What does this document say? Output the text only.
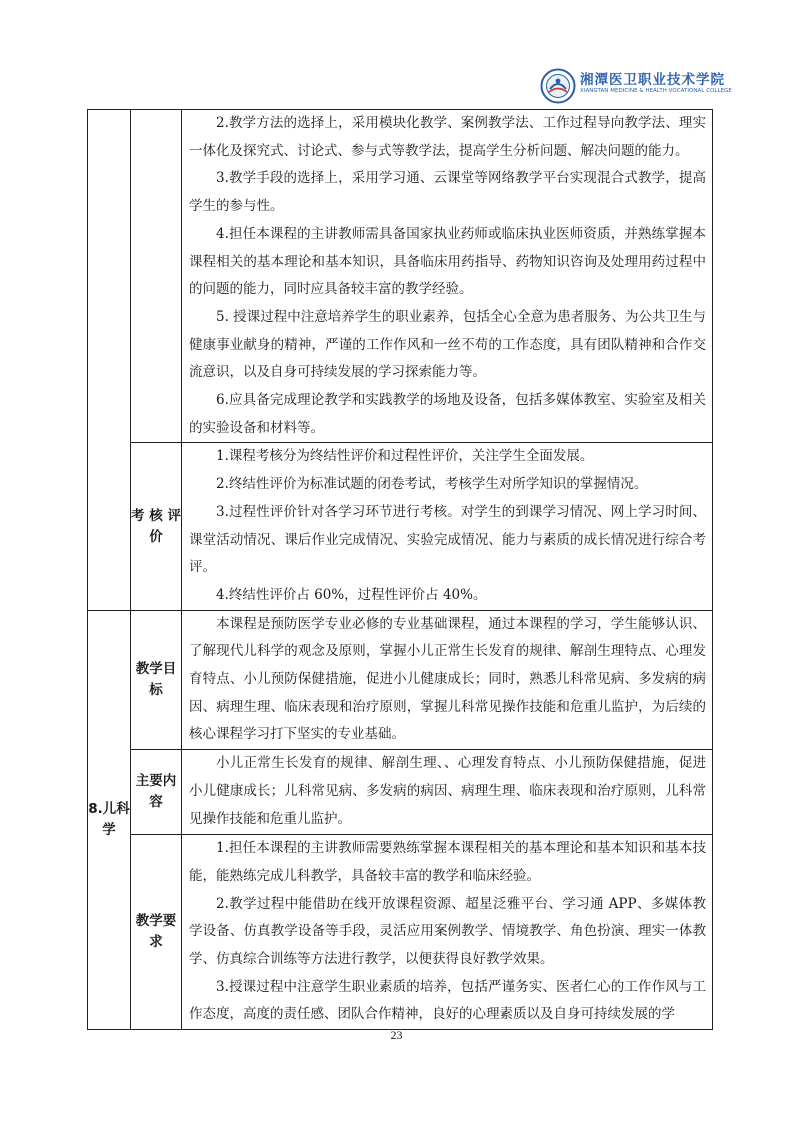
湘潭医卫职业技术学院
XIANGTAN MEDICINE & HEALTH VOCATIONAL COLLEGE

		2.教学方法的选择上，采用模块化教学、案例教学法、工作过程导向教学法、理实一体化及探究式、讨论式、参与式等教学法，提高学生分析问题、解决问题的能力。

3.教学手段的选择上，采用学习通、云课堂等网络教学平台实现混合式教学，提高学生的参与性。

4.担任本课程的主讲教师需具备国家执业药师或临床执业医师资质，并熟练掌握本课程相关的基本理论和基本知识，具备临床用药指导、药物知识咨询及处理用药过程中的问题的能力，同时应具备较丰富的教学经验。

5. 授课过程中注意培养学生的职业素养，包括全心全意为患者服务、为公共卫生与健康事业献身的精神，严谨的工作作风和一丝不苟的工作态度，具有团队精神和合作交流意识，以及自身可持续发展的学习探索能力等。

6.应具备完成理论教学和实践教学的场地及设备，包括多媒体教室、实验室及相关的实验设备和材料等。

	考 核 评价	1.课程考核分为终结性评价和过程性评价，关注学生全面发展。

2.终结性评价为标准试题的闭卷考试，考核学生对所学知识的掌握情况。

3.过程性评价针对各学习环节进行考核。对学生的到课学习情况、网上学习时间、课堂活动情况、课后作业完成情况、实验完成情况、能力与素质的成长情况进行综合考评。

4.终结性评价占 60%，过程性评价占 40%。

8.儿科学	教学目标	本课程是预防医学专业必修的专业基础课程，通过本课程的学习，学生能够认识、了解现代儿科学的观念及原则，掌握小儿正常生长发育的规律、解剖生理特点、心理发育特点、小儿预防保健措施，促进小儿健康成长；同时，熟悉儿科常见病、多发病的病因、病理生理、临床表现和治疗原则，掌握儿科常见操作技能和危重儿监护，为后续的核心课程学习打下坚实的专业基础。

	主要内容	小儿正常生长发育的规律、解剖生理、、心理发育特点、小儿预防保健措施，促进小儿健康成长；儿科常见病、多发病的病因、病理生理、临床表现和治疗原则，儿科常见操作技能和危重儿监护。

	教学要求	1.担任本课程的主讲教师需要熟练掌握本课程相关的基本理论和基本知识和基本技能，能熟练完成儿科教学，具备较丰富的教学和临床经验。

2.教学过程中能借助在线开放课程资源、超星泛雅平台、学习通 APP、多媒体教学设备、仿真教学设备等手段，灵活应用案例教学、情境教学、角色扮演、理实一体教学、仿真综合训练等方法进行教学，以便获得良好教学效果。

3.授课过程中注意学生职业素质的培养，包括严谨务实、医者仁心的工作作风与工作态度，高度的责任感、团队合作精神，良好的心理素质以及自身可持续发展的学

23
